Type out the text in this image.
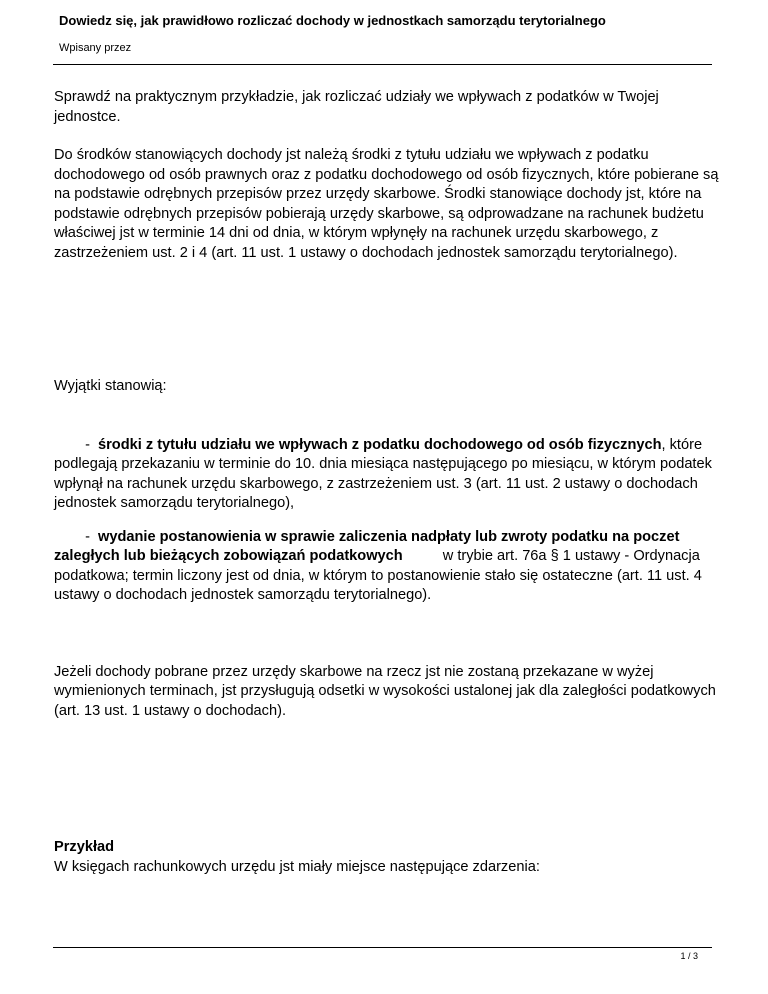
Dowiedz się, jak prawidłowo rozliczać dochody w jednostkach samorządu terytorialnego
Wpisany przez

Sprawdź na praktycznym przykładzie, jak rozliczać udziały we wpływach z podatków w Twojej jednostce.

Do środków stanowiących dochody jst należą środki z tytułu udziału we wpływach z podatku dochodowego od osób prawnych oraz z podatku dochodowego od osób fizycznych, które pobierane są na podstawie odrębnych przepisów przez urzędy skarbowe. Środki stanowiące dochody jst, które na podstawie odrębnych przepisów pobierają urzędy skarbowe, są odprowadzane na rachunek budżetu właściwej jst w terminie 14 dni od dnia, w którym wpłynęły na rachunek urzędu skarbowego, z zastrzeżeniem ust. 2 i 4 (art. 11 ust. 1 ustawy o dochodach jednostek samorządu terytorialnego).

Wyjątki stanowią:

- środki z tytułu udziału we wpływach z podatku dochodowego od osób fizycznych, które podlegają przekazaniu w terminie do 10. dnia miesiąca następującego po miesiącu, w którym podatek wpłynął na rachunek urzędu skarbowego, z zastrzeżeniem ust. 3 (art. 11 ust. 2 ustawy o dochodach jednostek samorządu terytorialnego),

- wydanie postanowienia w sprawie zaliczenia nadpłaty lub zwroty podatku na poczet zaległych lub bieżących zobowiązań podatkowych	w trybie art. 76a § 1 ustawy - Ordynacja podatkowa; termin liczony jest od dnia, w którym to postanowienie stało się ostateczne (art. 11 ust. 4 ustawy o dochodach jednostek samorządu terytorialnego).

Jeżeli dochody pobrane przez urzędy skarbowe na rzecz jst nie zostaną przekazane w wyżej wymienionych terminach, jst przysługują odsetki w wysokości ustalonej jak dla zaległości podatkowych (art. 13 ust. 1 ustawy o dochodach).

Przykład

W księgach rachunkowych urzędu jst miały miejsce następujące zdarzenia:

1 / 3
